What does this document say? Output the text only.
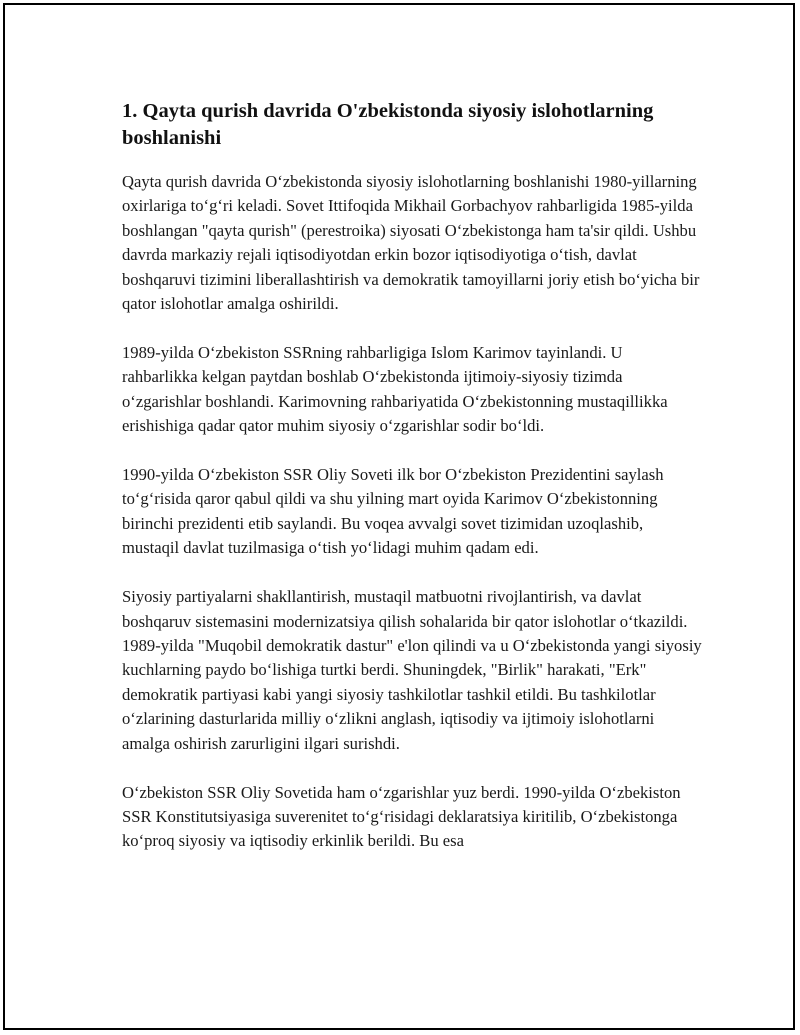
1. Qayta qurish davrida O'zbekistonda siyosiy islohotlarning boshlanishi

Qayta qurish davrida Oʻzbekistonda siyosiy islohotlarning boshlanishi 1980-yillarning oxirlariga toʻgʻri keladi. Sovet Ittifoqida Mikhail Gorbachyov rahbarligida 1985-yilda boshlangan "qayta qurish" (perestroika) siyosati Oʻzbekistonga ham ta'sir qildi. Ushbu davrda markaziy rejali iqtisodiyotdan erkin bozor iqtisodiyotiga oʻtish, davlat boshqaruvi tizimini liberallashtirish va demokratik tamoyillarni joriy etish boʻyicha bir qator islohotlar amalga oshirildi.

1989-yilda Oʻzbekiston SSRning rahbarligiga Islom Karimov tayinlandi. U rahbarlikka kelgan paytdan boshlab Oʻzbekistonda ijtimoiy-siyosiy tizimda oʻzgarishlar boshlandi. Karimovning rahbariyatida Oʻzbekistonning mustaqillikka erishishiga qadar qator muhim siyosiy oʻzgarishlar sodir boʻldi.

1990-yilda Oʻzbekiston SSR Oliy Soveti ilk bor Oʻzbekiston Prezidentini saylash toʻgʻrisida qaror qabul qildi va shu yilning mart oyida Karimov Oʻzbekistonning birinchi prezidenti etib saylandi. Bu voqea avvalgi sovet tizimidan uzoqlashib, mustaqil davlat tuzilmasiga oʻtish yoʻlidagi muhim qadam edi.

Siyosiy partiyalarni shakllantirish, mustaqil matbuotni rivojlantirish, va davlat boshqaruv sistemasini modernizatsiya qilish sohalarida bir qator islohotlar oʻtkazildi. 1989-yilda "Muqobil demokratik dastur" e'lon qilindi va u Oʻzbekistonda yangi siyosiy kuchlarning paydo boʻlishiga turtki berdi. Shuningdek, "Birlik" harakati, "Erk" demokratik partiyasi kabi yangi siyosiy tashkilotlar tashkil etildi. Bu tashkilotlar oʻzlarining dasturlarida milliy oʻzlikni anglash, iqtisodiy va ijtimoiy islohotlarni amalga oshirish zarurligini ilgari surishdi.

Oʻzbekiston SSR Oliy Sovetida ham oʻzgarishlar yuz berdi. 1990-yilda Oʻzbekiston SSR Konstitutsiyasiga suverenitet toʻgʻrisidagi deklaratsiya kiritilib, Oʻzbekistonga koʻproq siyosiy va iqtisodiy erkinlik berildi. Bu esa
